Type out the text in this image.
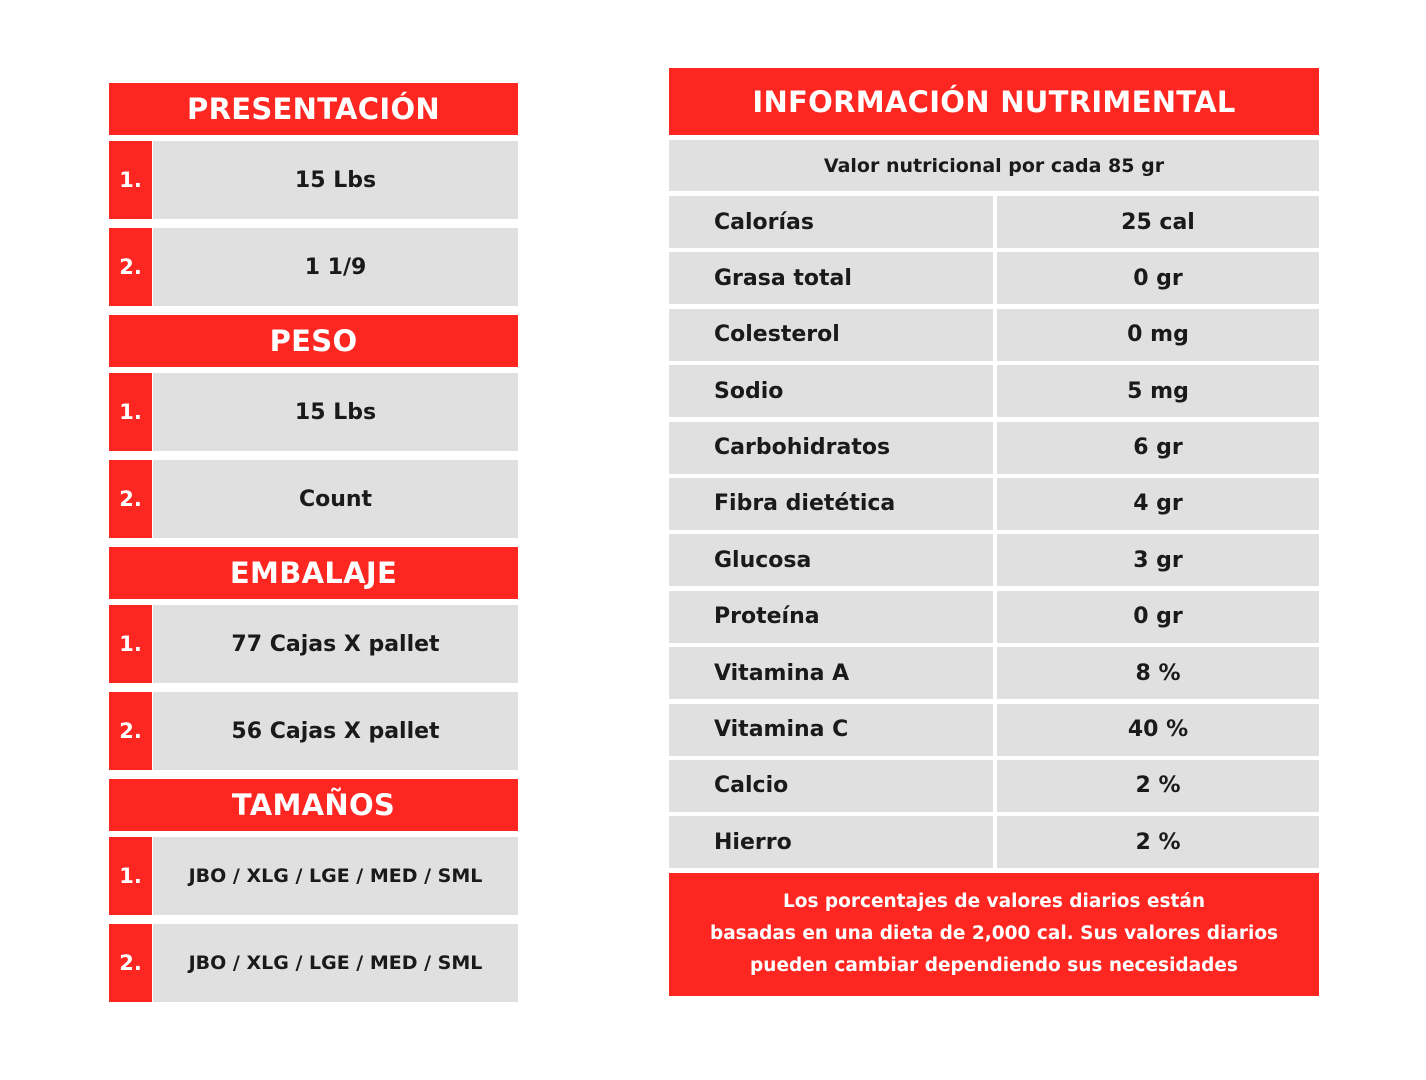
PRESENTACIÓN
1.	15 Lbs
2.	1 1/9
PESO
1.	15 Lbs
2.	Count
EMBALAJE
1.	77 Cajas X pallet
2.	56 Cajas X pallet
TAMAÑOS
1.	JBO / XLG / LGE / MED / SML
2.	JBO / XLG / LGE / MED / SML
INFORMACIÓN NUTRIMENTAL
Valor nutricional por cada 85 gr
Calorías	25 cal
Grasa total	0 gr
Colesterol	0 mg
Sodio	5 mg
Carbohidratos	6 gr
Fibra dietética	4 gr
Glucosa	3 gr
Proteína	0 gr
Vitamina A	8 %
Vitamina C	40 %
Calcio	2 %
Hierro	2 %
Los porcentajes de valores diarios están
basadas en una dieta de 2,000 cal. Sus valores diarios
pueden cambiar dependiendo sus necesidades
